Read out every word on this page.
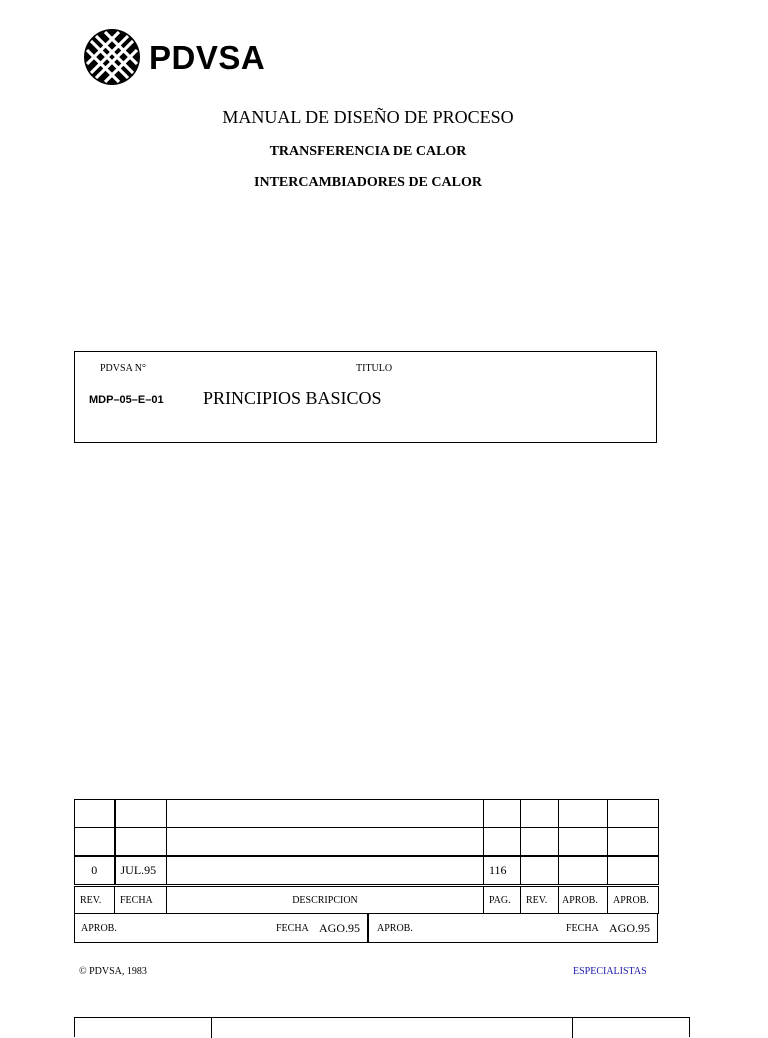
PDVSA
MANUAL DE DISEÑO DE PROCESO
TRANSFERENCIA DE CALOR
INTERCAMBIADORES DE CALOR
PDVSA N°	TITULO
MDP–05–E–01 PRINCIPIOS BASICOS

0	JUL.95		116			
REV.	FECHA	DESCRIPCION	PAG.	REV.	APROB.	APROB.
APROB.	FECHA AGO.95 APROB.	FECHA AGO.95
© PDVSA, 1983	ESPECIALISTAS
